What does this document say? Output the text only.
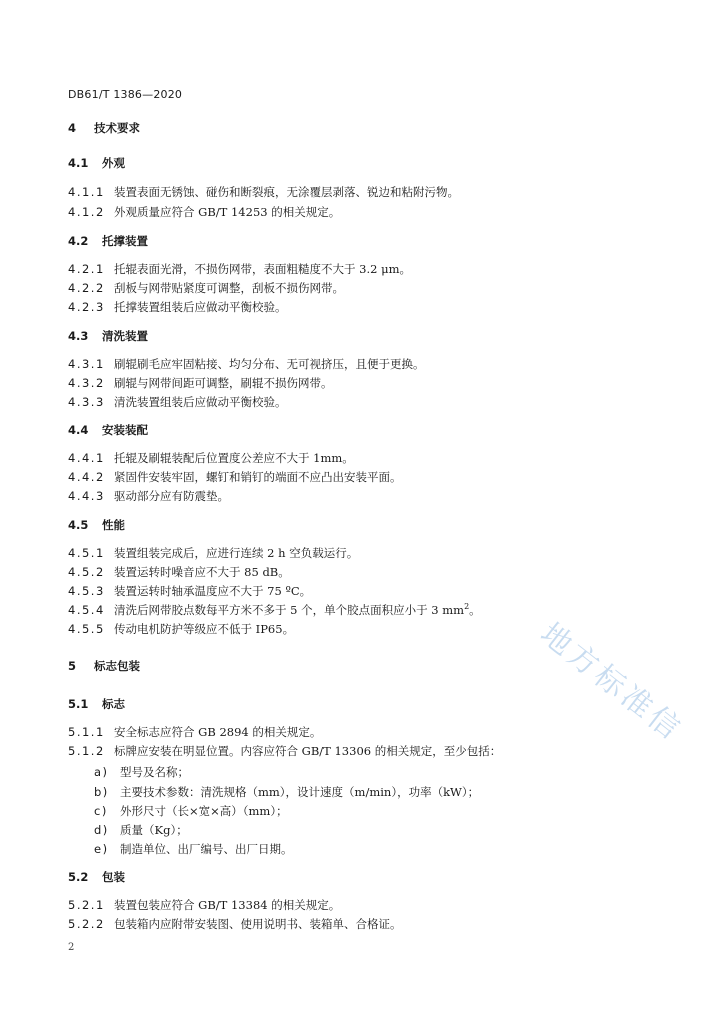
DB61/T 1386—2020
4 技术要求
4.1 外观
4.1.1 装置表面无锈蚀、碰伤和断裂痕，无涂覆层剥落、锐边和粘附污物。
4.1.2 外观质量应符合 GB/T 14253 的相关规定。
4.2 托撑装置
4.2.1 托辊表面光滑，不损伤网带，表面粗糙度不大于 3.2 μm。
4.2.2 刮板与网带贴紧度可调整，刮板不损伤网带。
4.2.3 托撑装置组装后应做动平衡校验。
4.3 清洗装置
4.3.1 刷辊刷毛应牢固粘接、均匀分布、无可视挤压，且便于更换。
4.3.2 刷辊与网带间距可调整，刷辊不损伤网带。
4.3.3 清洗装置组装后应做动平衡校验。
4.4 安装装配
4.4.1 托辊及刷辊装配后位置度公差应不大于 1mm。
4.4.2 紧固件安装牢固，螺钉和销钉的端面不应凸出安装平面。
4.4.3 驱动部分应有防震垫。
4.5 性能
4.5.1 装置组装完成后，应进行连续 2 h 空负载运行。
4.5.2 装置运转时噪音应不大于 85 dB。
4.5.3 装置运转时轴承温度应不大于 75 ºC。
4.5.4 清洗后网带胶点数每平方米不多于 5 个，单个胶点面积应小于 3 $mm^2$。
4.5.5 传动电机防护等级应不低于 IP65。
5 标志包装
5.1 标志
5.1.1 安全标志应符合 GB 2894 的相关规定。
5.1.2 标牌应安装在明显位置。内容应符合 GB/T 13306 的相关规定，至少包括：
a) 型号及名称；
b) 主要技术参数：清洗规格（mm），设计速度（m/min），功率（kW）；
c) 外形尺寸（长×宽×高）（mm）；
d) 质量（Kg）；
e) 制造单位、出厂编号、出厂日期。
5.2 包装
5.2.1 装置包装应符合 GB/T 13384 的相关规定。
5.2.2 包装箱内应附带安装图、使用说明书、装箱单、合格证。
2
地方标准信
